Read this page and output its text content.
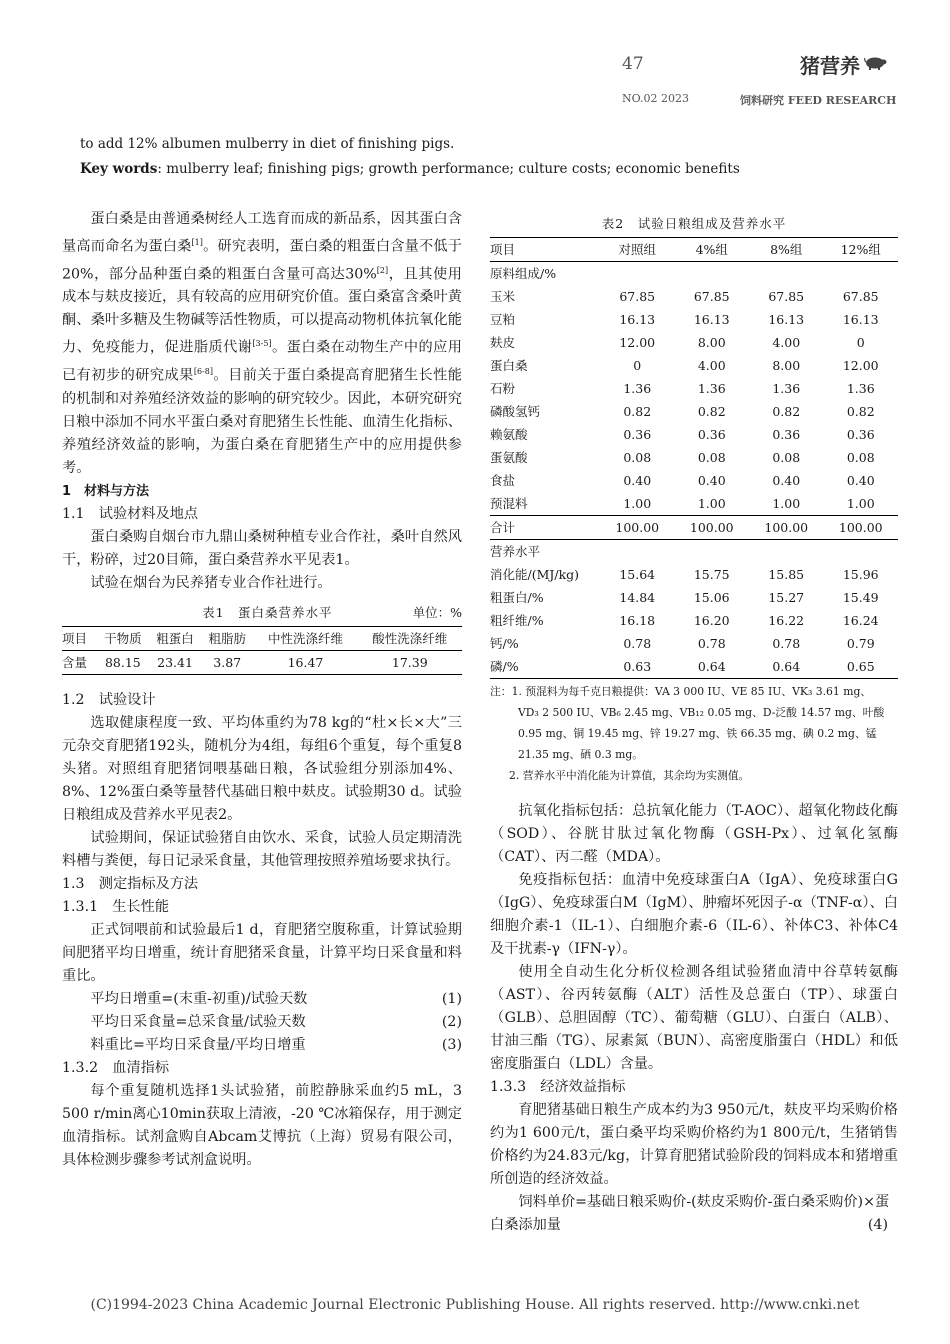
47	猪营养
NO.02 2023	饲料研究 FEED RESEARCH
to add 12% albumen mulberry in diet of finishing pigs.
Key words: mulberry leaf; finishing pigs; growth performance; culture costs; economic benefits

蛋白桑是由普通桑树经人工选育而成的新品系，因其蛋白含量高而命名为蛋白桑[1]。研究表明，蛋白桑的粗蛋白含量不低于20%，部分品种蛋白桑的粗蛋白含量可高达30%[2]，且其使用成本与麸皮接近，具有较高的应用研究价值。蛋白桑富含桑叶黄酮、桑叶多糖及生物碱等活性物质，可以提高动物机体抗氧化能力、免疫能力，促进脂质代谢[3-5]。蛋白桑在动物生产中的应用已有初步的研究成果[6-8]。目前关于蛋白桑提高育肥猪生长性能的机制和对养殖经济效益的影响的研究较少。因此，本研究研究日粮中添加不同水平蛋白桑对育肥猪生长性能、血清生化指标、养殖经济效益的影响，为蛋白桑在育肥猪生产中的应用提供参考。

1　材料与方法

1.1　试验材料及地点

蛋白桑购自烟台市九鼎山桑树种植专业合作社，桑叶自然风干，粉碎，过20目筛，蛋白桑营养水平见表1。

试验在烟台为民养猪专业合作社进行。

表1　蛋白桑营养水平	单位：%
项目	干物质	粗蛋白	粗脂肪	中性洗涤纤维	酸性洗涤纤维
含量	88.15	23.41	3.87	16.47	17.39

1.2　试验设计

选取健康程度一致、平均体重约为78 kg的“杜×长×大”三元杂交育肥猪192头，随机分为4组，每组6个重复，每个重复8头猪。对照组育肥猪饲喂基础日粮，各试验组分别添加4%、8%、12%蛋白桑等量替代基础日粮中麸皮。试验期30 d。试验日粮组成及营养水平见表2。

试验期间，保证试验猪自由饮水、采食，试验人员定期清洗料槽与粪便，每日记录采食量，其他管理按照养殖场要求执行。

1.3　测定指标及方法

1.3.1　生长性能

正式饲喂前和试验最后1 d，育肥猪空腹称重，计算试验期间肥猪平均日增重，统计育肥猪采食量，计算平均日采食量和料重比。

平均日增重=(末重-初重)/试验天数	(1)
平均日采食量=总采食量/试验天数	(2)
料重比=平均日采食量/平均日增重	(3)

1.3.2　血清指标

每个重复随机选择1头试验猪，前腔静脉采血约5 mL，3 500 r/min离心10min获取上清液，-20 ℃冰箱保存，用于测定血清指标。试剂盒购自Abcam艾博抗（上海）贸易有限公司，具体检测步骤参考试剂盒说明。

表2　试验日粮组成及营养水平
项目	对照组	4%组	8%组	12%组
原料组成/%				
玉米	67.85	67.85	67.85	67.85
豆粕	16.13	16.13	16.13	16.13
麸皮	12.00	8.00	4.00	0
蛋白桑	0	4.00	8.00	12.00
石粉	1.36	1.36	1.36	1.36
磷酸氢钙	0.82	0.82	0.82	0.82
赖氨酸	0.36	0.36	0.36	0.36
蛋氨酸	0.08	0.08	0.08	0.08
食盐	0.40	0.40	0.40	0.40
预混料	1.00	1.00	1.00	1.00
合计	100.00	100.00	100.00	100.00
营养水平				
消化能/(MJ/kg)	15.64	15.75	15.85	15.96
粗蛋白/%	14.84	15.06	15.27	15.49
粗纤维/%	16.18	16.20	16.22	16.24
钙/%	0.78	0.78	0.78	0.79
磷/%	0.63	0.64	0.64	0.65
注：1. 预混料为每千克日粮提供：VA 3 000 IU、VE 85 IU、VK₃ 3.61 mg、
VD₃ 2 500 IU、VB₆ 2.45 mg、VB₁₂ 0.05 mg、D-泛酸 14.57 mg、叶酸
0.95 mg、铜 19.45 mg、锌 19.27 mg、铁 66.35 mg、碘 0.2 mg、锰
21.35 mg、硒 0.3 mg。
2. 营养水平中消化能为计算值，其余均为实测值。

抗氧化指标包括：总抗氧化能力（T-AOC）、超氧化物歧化酶（SOD）、谷胱甘肽过氧化物酶（GSH-Px）、过氧化氢酶（CAT）、丙二醛（MDA）。

免疫指标包括：血清中免疫球蛋白A（IgA）、免疫球蛋白G（IgG）、免疫球蛋白M（IgM）、肿瘤坏死因子-α（TNF-α）、白细胞介素-1（IL-1）、白细胞介素-6（IL-6）、补体C3、补体C4及干扰素-γ（IFN-γ）。

使用全自动生化分析仪检测各组试验猪血清中谷草转氨酶（AST）、谷丙转氨酶（ALT）活性及总蛋白（TP）、球蛋白（GLB）、总胆固醇（TC）、葡萄糖（GLU）、白蛋白（ALB）、甘油三酯（TG）、尿素氮（BUN）、高密度脂蛋白（HDL）和低密度脂蛋白（LDL）含量。

1.3.3　经济效益指标

育肥猪基础日粮生产成本约为3 950元/t，麸皮平均采购价格约为1 600元/t，蛋白桑平均采购价格约为1 800元/t，生猪销售价格约为24.83元/kg，计算育肥猪试验阶段的饲料成本和猪增重所创造的经济效益。

饲料单价=基础日粮采购价-(麸皮采购价-蛋白桑采购价)×蛋白桑添加量	(4)
(C)1994-2023 China Academic Journal Electronic Publishing House. All rights reserved. http://www.cnki.net
